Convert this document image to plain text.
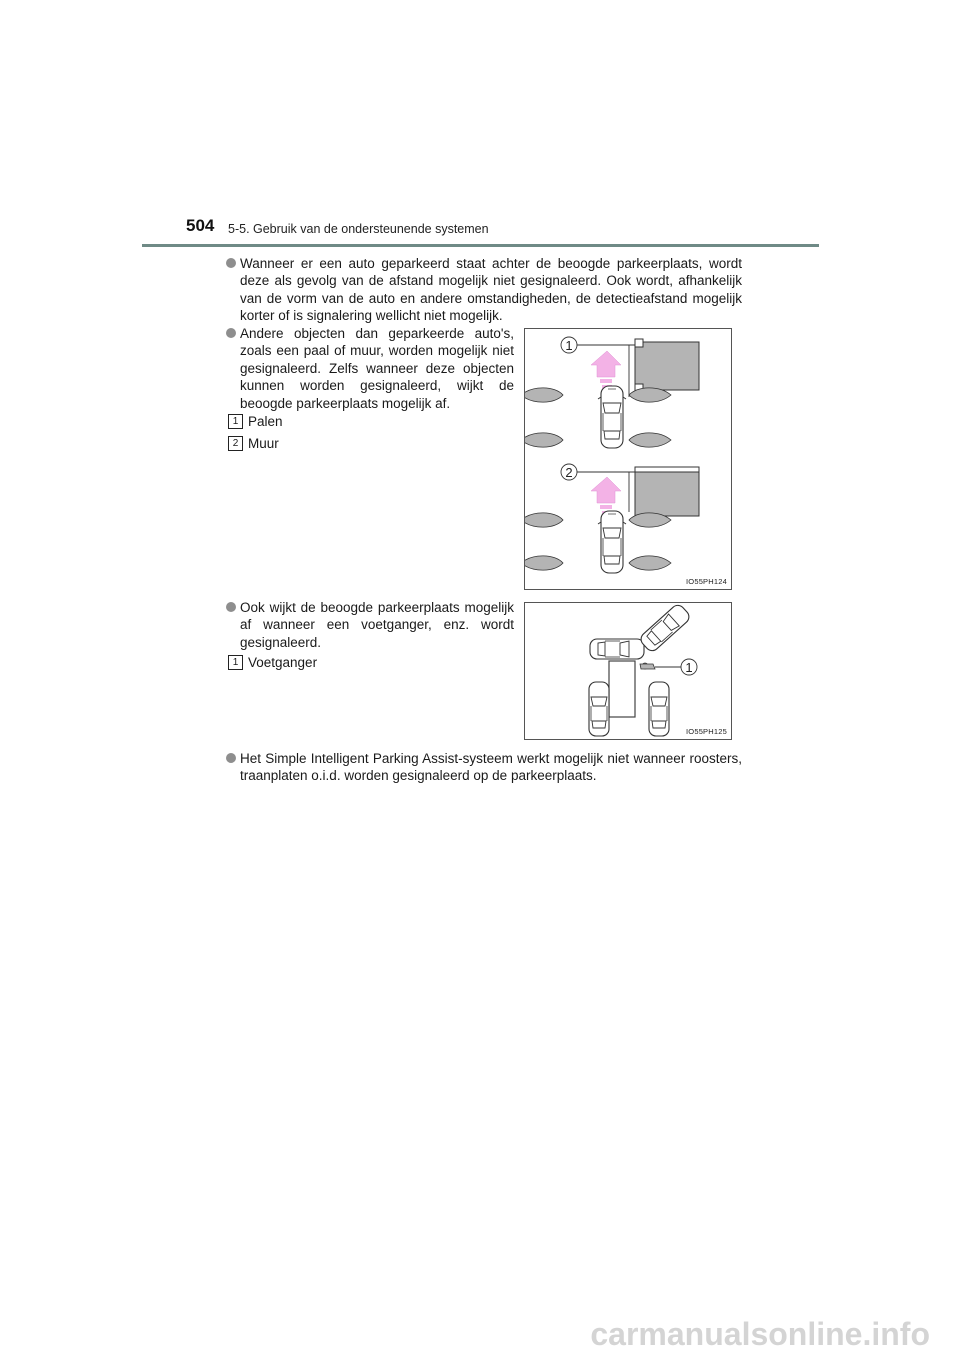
504 5-5. Gebruik van de ondersteunende systemen
Wanneer er een auto geparkeerd staat achter de beoogde parkeerplaats, wordt deze als gevolg van de afstand mogelijk niet gesignaleerd. Ook wordt, afhankelijk van de vorm van de auto en andere omstandigheden, de detectieafstand mogelijk korter of is signalering wellicht niet mogelijk.
Andere objecten dan geparkeerde auto's, zoals een paal of muur, worden mogelijk niet gesignaleerd. Zelfs wanneer deze objecten kunnen worden gesignaleerd, wijkt de beoogde parkeerplaats mogelijk af.
1 Palen
2 Muur
1
2
IO55PH124
Ook wijkt de beoogde parkeerplaats mogelijk af wanneer een voetganger, enz. wordt gesignaleerd.
1 Voetganger	1
IO55PH125
Het Simple Intelligent Parking Assist-systeem werkt mogelijk niet wanneer roosters, traanplaten o.i.d. worden gesignaleerd op de parkeerplaats.
carmanualsonline.info
